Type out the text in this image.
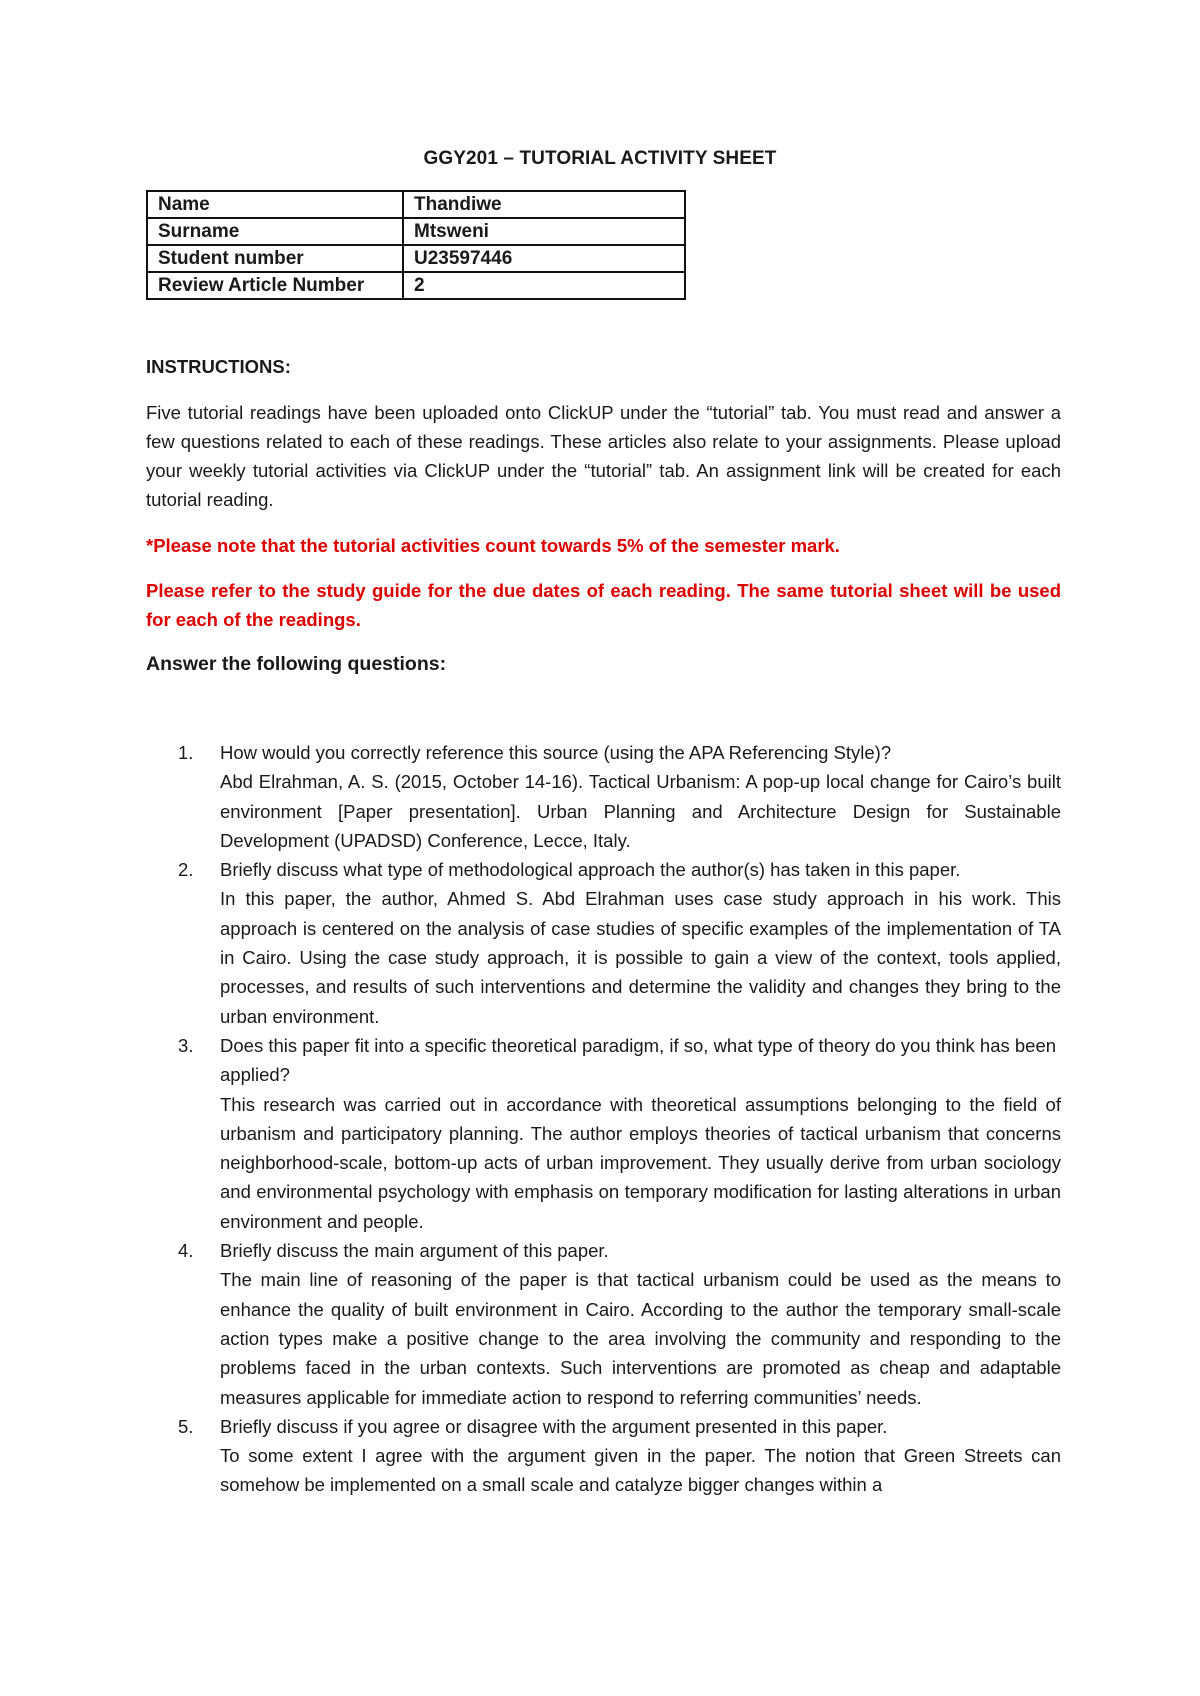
GGY201 – TUTORIAL ACTIVITY SHEET
Name	Thandiwe
Surname	Mtsweni
Student number	U23597446
Review Article Number	2
INSTRUCTIONS:
Five tutorial readings have been uploaded onto ClickUP under the “tutorial” tab. You must read and answer a few questions related to each of these readings. These articles also relate to your assignments. Please upload your weekly tutorial activities via ClickUP under the “tutorial” tab. An assignment link will be created for each tutorial reading.
*Please note that the tutorial activities count towards 5% of the semester mark.
Please refer to the study guide for the due dates of each reading. The same tutorial sheet will be used for each of the readings.
Answer the following questions:
1. How would you correctly reference this source (using the APA Referencing Style)?
Abd Elrahman, A. S. (2015, October 14-16). Tactical Urbanism: A pop-up local change for Cairo’s built environment [Paper presentation]. Urban Planning and Architecture Design for Sustainable Development (UPADSD) Conference, Lecce, Italy.
2. Briefly discuss what type of methodological approach the author(s) has taken in this paper.
In this paper, the author, Ahmed S. Abd Elrahman uses case study approach in his work. This approach is centered on the analysis of case studies of specific examples of the implementation of TA in Cairo. Using the case study approach, it is possible to gain a view of the context, tools applied, processes, and results of such interventions and determine the validity and changes they bring to the urban environment.
3. Does this paper fit into a specific theoretical paradigm, if so, what type of theory do you think has been applied?
This research was carried out in accordance with theoretical assumptions belonging to the field of urbanism and participatory planning. The author employs theories of tactical urbanism that concerns neighborhood-scale, bottom-up acts of urban improvement. They usually derive from urban sociology and environmental psychology with emphasis on temporary modification for lasting alterations in urban environment and people.
4. Briefly discuss the main argument of this paper.
The main line of reasoning of the paper is that tactical urbanism could be used as the means to enhance the quality of built environment in Cairo. According to the author the temporary small-scale action types make a positive change to the area involving the community and responding to the problems faced in the urban contexts. Such interventions are promoted as cheap and adaptable measures applicable for immediate action to respond to referring communities’ needs.
5. Briefly discuss if you agree or disagree with the argument presented in this paper.
To some extent I agree with the argument given in the paper. The notion that Green Streets can somehow be implemented on a small scale and catalyze bigger changes within a
